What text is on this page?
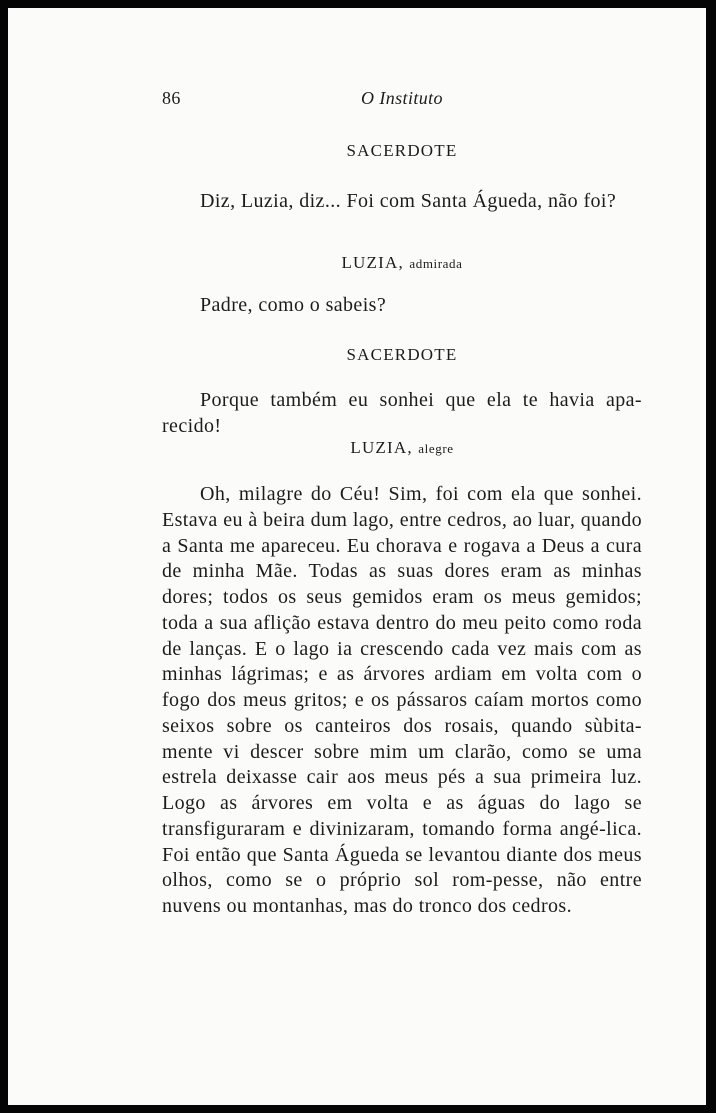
86	O Instituto
SACERDOTE

Diz, Luzia, diz... Foi com Santa Águeda, não foi?

LUZIA, admirada

Padre, como o sabeis?

SACERDOTE

Porque também eu sonhei que ela te havia apa-recido!

LUZIA, alegre

Oh, milagre do Céu! Sim, foi com ela que sonhei. Estava eu à beira dum lago, entre cedros, ao luar, quando a Santa me apareceu. Eu chorava e rogava a Deus a cura de minha Mãe. Todas as suas dores eram as minhas dores; todos os seus gemidos eram os meus gemidos; toda a sua aflição estava dentro do meu peito como roda de lanças. E o lago ia crescendo cada vez mais com as minhas lágrimas; e as árvores ardiam em volta com o fogo dos meus gritos; e os pássaros caíam mortos como seixos sobre os canteiros dos rosais, quando sùbita-mente vi descer sobre mim um clarão, como se uma estrela deixasse cair aos meus pés a sua primeira luz. Logo as árvores em volta e as águas do lago se transfiguraram e divinizaram, tomando forma angé-lica. Foi então que Santa Águeda se levantou diante dos meus olhos, como se o próprio sol rom-pesse, não entre nuvens ou montanhas, mas do tronco dos cedros.
